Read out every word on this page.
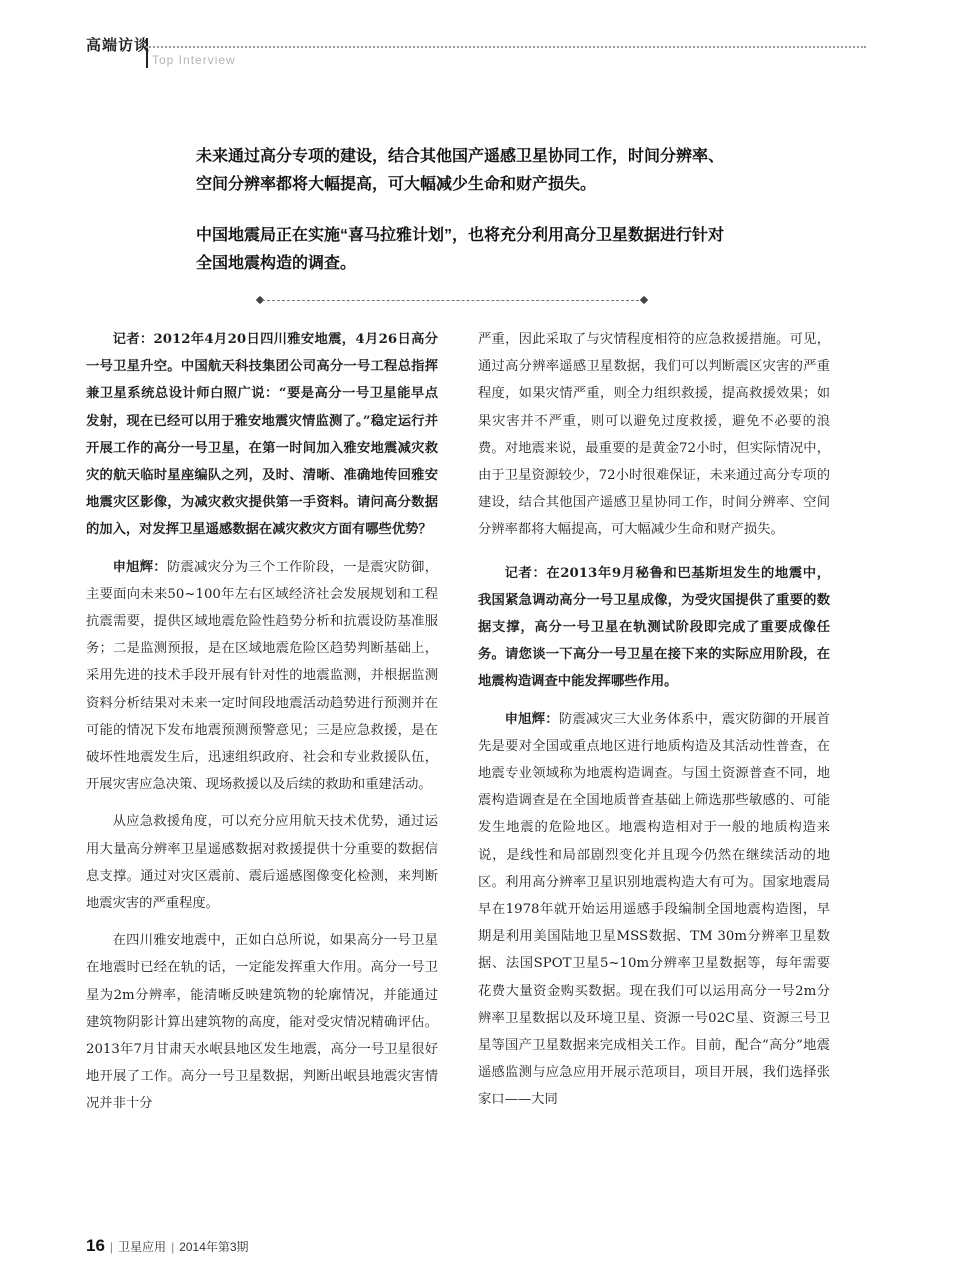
高端访谈
Top Interview
未来通过高分专项的建设，结合其他国产遥感卫星协同工作，时间分辨率、空间分辨率都将大幅提高，可大幅减少生命和财产损失。
中国地震局正在实施“喜马拉雅计划”，也将充分利用高分卫星数据进行针对全国地震构造的调查。

记者：2012年4月20日四川雅安地震，4月26日高分一号卫星升空。中国航天科技集团公司高分一号工程总指挥兼卫星系统总设计师白照广说：“要是高分一号卫星能早点发射，现在已经可以用于雅安地震灾情监测了。”稳定运行并开展工作的高分一号卫星，在第一时间加入雅安地震减灾救灾的航天临时星座编队之列，及时、清晰、准确地传回雅安地震灾区影像，为减灾救灾提供第一手资料。请问高分数据的加入，对发挥卫星遥感数据在减灾救灾方面有哪些优势？

申旭辉：防震减灾分为三个工作阶段，一是震灾防御，主要面向未来50~100年左右区域经济社会发展规划和工程抗震需要，提供区域地震危险性趋势分析和抗震设防基准服务；二是监测预报，是在区域地震危险区趋势判断基础上，采用先进的技术手段开展有针对性的地震监测，并根据监测资料分析结果对未来一定时间段地震活动趋势进行预测并在可能的情况下发布地震预测预警意见；三是应急救援，是在破坏性地震发生后，迅速组织政府、社会和专业救援队伍，开展灾害应急决策、现场救援以及后续的救助和重建活动。

从应急救援角度，可以充分应用航天技术优势，通过运用大量高分辨率卫星遥感数据对救援提供十分重要的数据信息支撑。通过对灾区震前、震后遥感图像变化检测，来判断地震灾害的严重程度。

在四川雅安地震中，正如白总所说，如果高分一号卫星在地震时已经在轨的话，一定能发挥重大作用。高分一号卫星为2m分辨率，能清晰反映建筑物的轮廓情况，并能通过建筑物阴影计算出建筑物的高度，能对受灾情况精确评估。2013年7月甘肃天水岷县地区发生地震，高分一号卫星很好地开展了工作。高分一号卫星数据，判断出岷县地震灾害情况并非十分

严重，因此采取了与灾情程度相符的应急救援措施。可见，通过高分辨率遥感卫星数据，我们可以判断震区灾害的严重程度，如果灾情严重，则全力组织救援，提高救援效果；如果灾害并不严重，则可以避免过度救援，避免不必要的浪费。对地震来说，最重要的是黄金72小时，但实际情况中，由于卫星资源较少，72小时很难保证，未来通过高分专项的建设，结合其他国产遥感卫星协同工作，时间分辨率、空间分辨率都将大幅提高，可大幅减少生命和财产损失。

记者：在2013年9月秘鲁和巴基斯坦发生的地震中，我国紧急调动高分一号卫星成像，为受灾国提供了重要的数据支撑，高分一号卫星在轨测试阶段即完成了重要成像任务。请您谈一下高分一号卫星在接下来的实际应用阶段，在地震构造调查中能发挥哪些作用。

申旭辉：防震减灾三大业务体系中，震灾防御的开展首先是要对全国或重点地区进行地质构造及其活动性普查，在地震专业领域称为地震构造调查。与国土资源普查不同，地震构造调查是在全国地质普查基础上筛选那些敏感的、可能发生地震的危险地区。地震构造相对于一般的地质构造来说，是线性和局部剧烈变化并且现今仍然在继续活动的地区。利用高分辨率卫星识别地震构造大有可为。国家地震局早在1978年就开始运用遥感手段编制全国地震构造图，早期是利用美国陆地卫星MSS数据、TM 30m分辨率卫星数据、法国SPOT卫星5~10m分辨率卫星数据等，每年需要花费大量资金购买数据。现在我们可以运用高分一号2m分辨率卫星数据以及环境卫星、资源一号02C星、资源三号卫星等国产卫星数据来完成相关工作。目前，配合“高分”地震遥感监测与应急应用开展示范项目，项目开展，我们选择张家口——大同

16 | 卫星应用 | 2014年第3期
